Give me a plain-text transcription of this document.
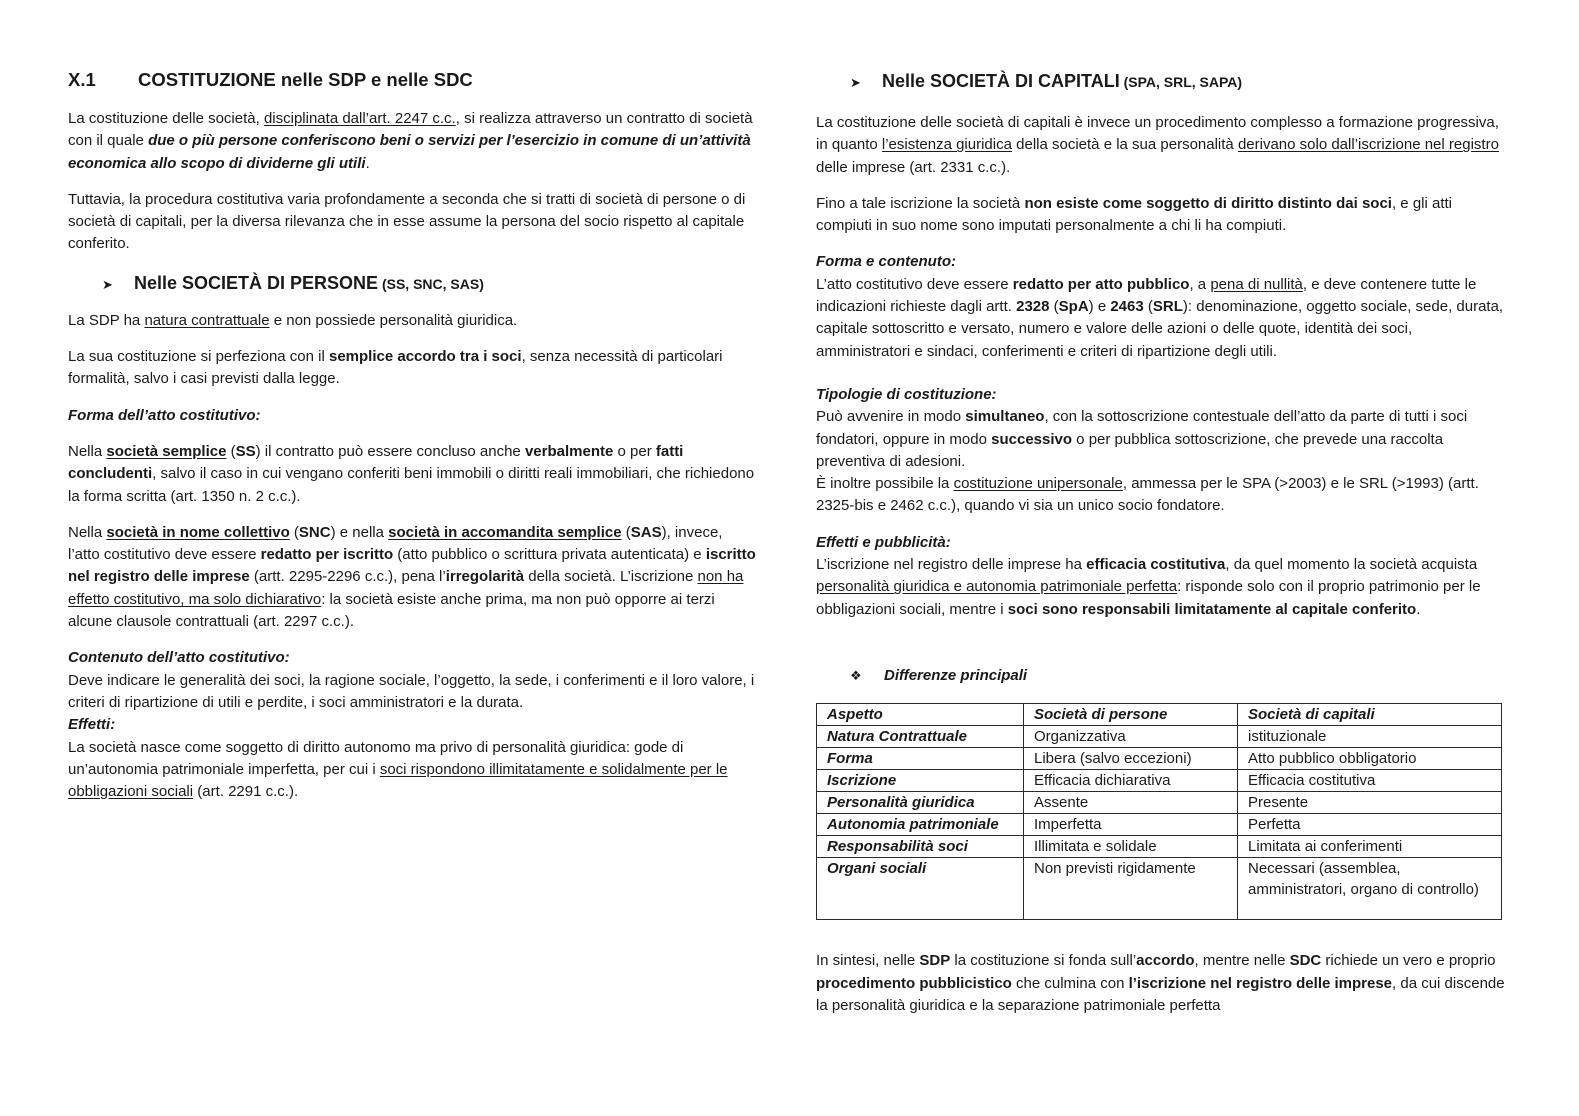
X.1 COSTITUZIONE nelle SDP e nelle SDC

La costituzione delle società, disciplinata dall’art. 2247 c.c., si realizza attraverso un contratto di società con il quale due o più persone conferiscono beni o servizi per l’esercizio in comune di un’attività economica allo scopo di dividerne gli utili.

Tuttavia, la procedura costitutiva varia profondamente a seconda che si tratti di società di persone o di società di capitali, per la diversa rilevanza che in esse assume la persona del socio rispetto al capitale conferito.

➤ Nelle SOCIETÀ DI PERSONE (SS, SNC, SAS)

La SDP ha natura contrattuale e non possiede personalità giuridica.

La sua costituzione si perfeziona con il semplice accordo tra i soci, senza necessità di particolari formalità, salvo i casi previsti dalla legge.

Forma dell’atto costitutivo:

Nella società semplice (SS) il contratto può essere concluso anche verbalmente o per fatti concludenti, salvo il caso in cui vengano conferiti beni immobili o diritti reali immobiliari, che richiedono la forma scritta (art. 1350 n. 2 c.c.).

Nella società in nome collettivo (SNC) e nella società in accomandita semplice (SAS), invece, l’atto costitutivo deve essere redatto per iscritto (atto pubblico o scrittura privata autenticata) e iscritto nel registro delle imprese (artt. 2295-2296 c.c.), pena l’irregolarità della società. L’iscrizione non ha effetto costitutivo, ma solo dichiarativo: la società esiste anche prima, ma non può opporre ai terzi alcune clausole contrattuali (art. 2297 c.c.).

Contenuto dell’atto costitutivo:
Deve indicare le generalità dei soci, la ragione sociale, l’oggetto, la sede, i conferimenti e il loro valore, i criteri di ripartizione di utili e perdite, i soci amministratori e la durata.
Effetti:
La società nasce come soggetto di diritto autonomo ma privo di personalità giuridica: gode di un’autonomia patrimoniale imperfetta, per cui i soci rispondono illimitatamente e solidalmente per le obbligazioni sociali (art. 2291 c.c.).

➤ Nelle SOCIETÀ DI CAPITALI (SPA, SRL, SAPA)

La costituzione delle società di capitali è invece un procedimento complesso a formazione progressiva, in quanto l’esistenza giuridica della società e la sua personalità derivano solo dall’iscrizione nel registro delle imprese (art. 2331 c.c.).

Fino a tale iscrizione la società non esiste come soggetto di diritto distinto dai soci, e gli atti compiuti in suo nome sono imputati personalmente a chi li ha compiuti.

Forma e contenuto:
L’atto costitutivo deve essere redatto per atto pubblico, a pena di nullità, e deve contenere tutte le indicazioni richieste dagli artt. 2328 (SpA) e 2463 (SRL): denominazione, oggetto sociale, sede, durata, capitale sottoscritto e versato, numero e valore delle azioni o delle quote, identità dei soci, amministratori e sindaci, conferimenti e criteri di ripartizione degli utili.

Tipologie di costituzione:
Può avvenire in modo simultaneo, con la sottoscrizione contestuale dell’atto da parte di tutti i soci fondatori, oppure in modo successivo o per pubblica sottoscrizione, che prevede una raccolta preventiva di adesioni.
È inoltre possibile la costituzione unipersonale, ammessa per le SPA (>2003) e le SRL (>1993) (artt. 2325-bis e 2462 c.c.), quando vi sia un unico socio fondatore.

Effetti e pubblicità:
L’iscrizione nel registro delle imprese ha efficacia costitutiva, da quel momento la società acquista personalità giuridica e autonomia patrimoniale perfetta: risponde solo con il proprio patrimonio per le obbligazioni sociali, mentre i soci sono responsabili limitatamente al capitale conferito.

❖ Differenze principali
Aspetto	Società di persone	Società di capitali
Natura Contrattuale	Organizzativa	istituzionale
Forma	Libera (salvo eccezioni)	Atto pubblico obbligatorio
Iscrizione	Efficacia dichiarativa	Efficacia costitutiva
Personalità giuridica	Assente	Presente
Autonomia patrimoniale	Imperfetta	Perfetta
Responsabilità soci	Illimitata e solidale	Limitata ai conferimenti
Organi sociali	Non previsti rigidamente	Necessari (assemblea, amministratori, organo di controllo)

In sintesi, nelle SDP la costituzione si fonda sull’accordo, mentre nelle SDC richiede un vero e proprio procedimento pubblicistico che culmina con l’iscrizione nel registro delle imprese, da cui discende la personalità giuridica e la separazione patrimoniale perfetta
